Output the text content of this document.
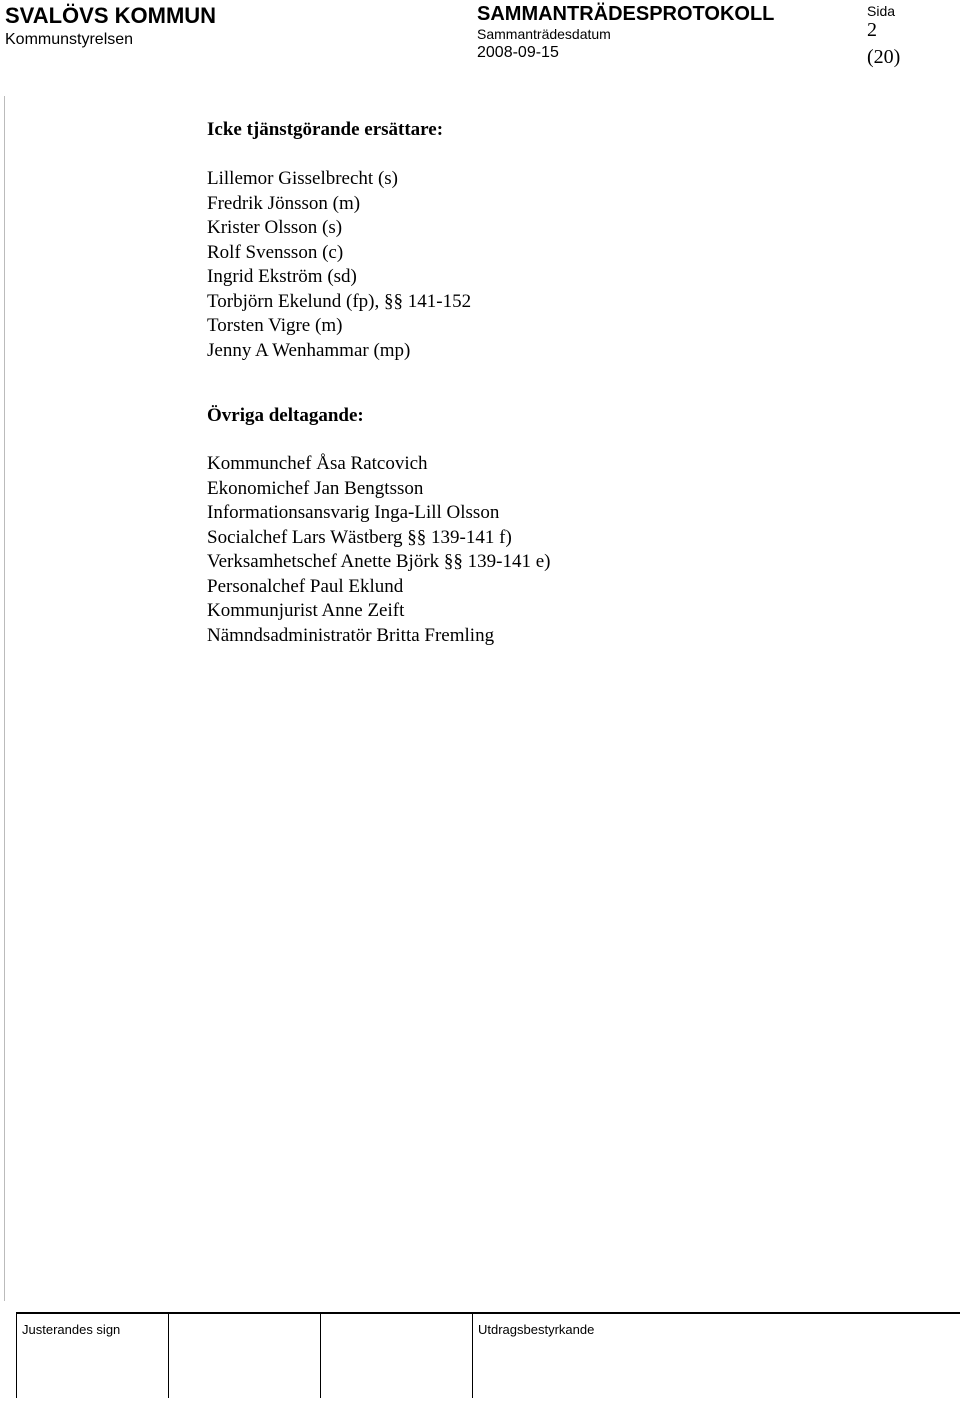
SVALÖVS KOMMUN
Kommunstyrelsen
SAMMANTRÄDESPROTOKOLL
Sammanträdesdatum
2008-09-15
Sida
2
(20)

Icke tjänstgörande ersättare:

Lillemor Gisselbrecht (s)
Fredrik Jönsson (m)
Krister Olsson (s)
Rolf Svensson (c)
Ingrid Ekström (sd)
Torbjörn Ekelund (fp), §§ 141-152
Torsten Vigre (m)
Jenny A Wenhammar (mp)

Övriga deltagande:

Kommunchef Åsa Ratcovich
Ekonomichef Jan Bengtsson
Informationsansvarig Inga-Lill Olsson
Socialchef Lars Wästberg §§ 139-141 f)
Verksamhetschef Anette Björk §§ 139-141 e)
Personalchef Paul Eklund
Kommunjurist Anne Zeift
Nämndsadministratör Britta Fremling
Justerandes sign	Utdragsbestyrkande
